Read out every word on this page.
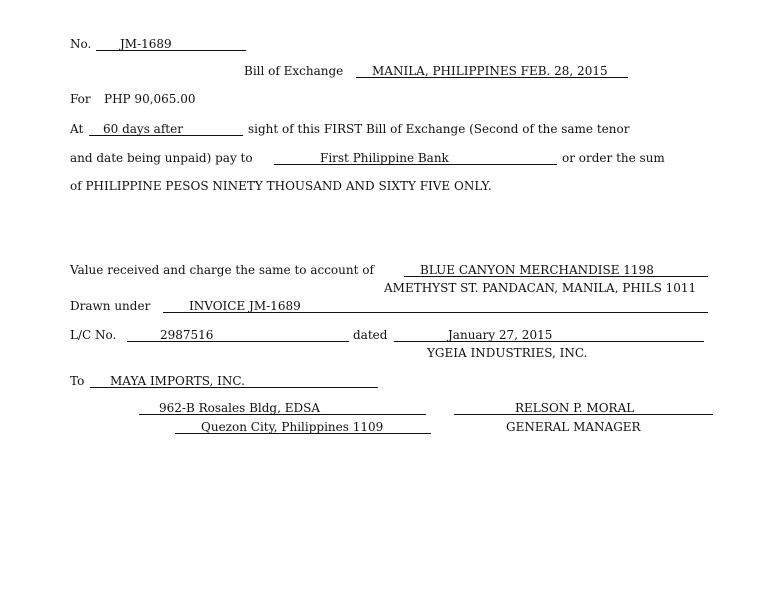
No.	JM-1689
Bill of Exchange	MANILA, PHILIPPINES FEB. 28, 2015
For PHP 90,065.00
At	60 days after	sight of this FIRST Bill of Exchange (Second of the same tenor
and date being unpaid) pay to	First Philippine Bank	or order the sum
of PHILIPPINE PESOS NINETY THOUSAND AND SIXTY FIVE ONLY.
Value received and charge the same to account of	BLUE CANYON MERCHANDISE 1198
AMETHYST ST. PANDACAN, MANILA, PHILS 1011
Drawn under	INVOICE JM-1689
L/C No.	2987516	dated	January 27, 2015
YGEIA INDUSTRIES, INC.
To	MAYA IMPORTS, INC.
962-B Rosales Bldg, EDSA
Quezon City, Philippines 1109
RELSON P. MORAL
GENERAL MANAGER
